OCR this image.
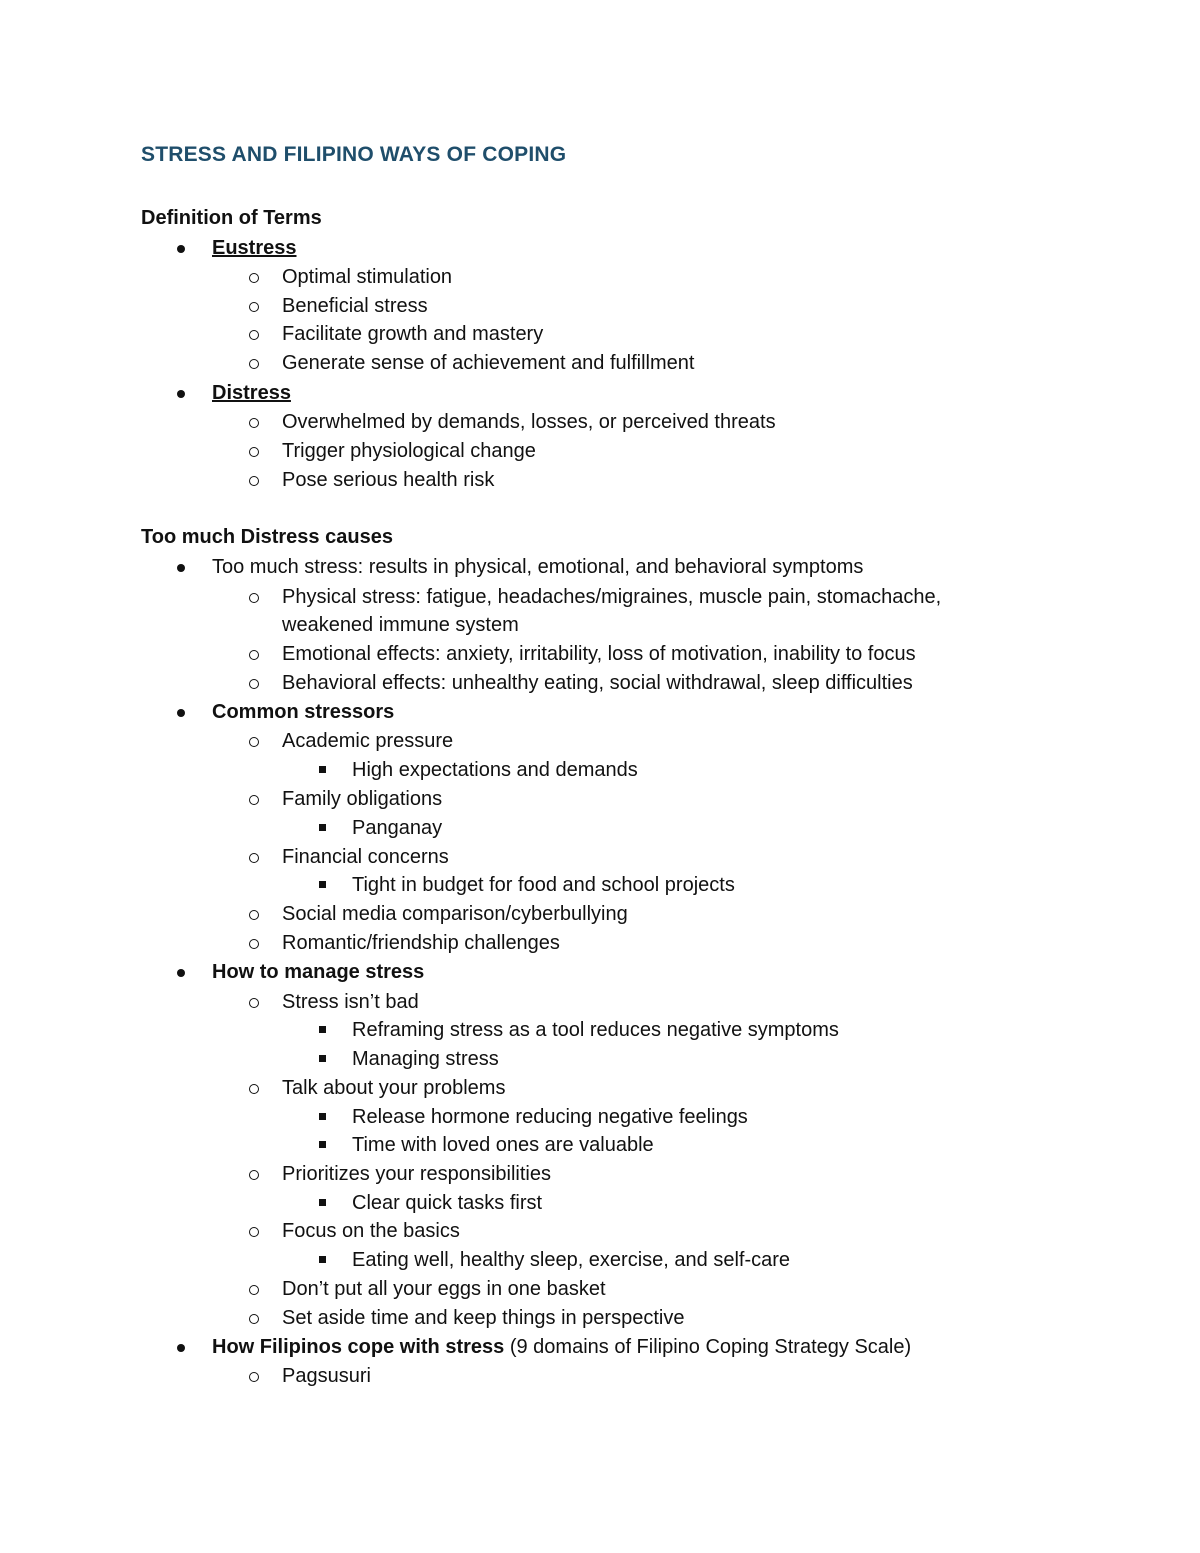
STRESS AND FILIPINO WAYS OF COPING
Definition of Terms
Eustress
Optimal stimulation
Beneficial stress
Facilitate growth and mastery
Generate sense of achievement and fulfillment
Distress
Overwhelmed by demands, losses, or perceived threats
Trigger physiological change
Pose serious health risk
Too much Distress causes
Too much stress: results in physical, emotional, and behavioral symptoms
Physical stress: fatigue, headaches/migraines, muscle pain, stomachache,
weakened immune system
Emotional effects: anxiety, irritability, loss of motivation, inability to focus
Behavioral effects: unhealthy eating, social withdrawal, sleep difficulties
Common stressors
Academic pressure
High expectations and demands
Family obligations
Panganay
Financial concerns
Tight in budget for food and school projects
Social media comparison/cyberbullying
Romantic/friendship challenges
How to manage stress
Stress isn’t bad
Reframing stress as a tool reduces negative symptoms
Managing stress
Talk about your problems
Release hormone reducing negative feelings
Time with loved ones are valuable
Prioritizes your responsibilities
Clear quick tasks first
Focus on the basics
Eating well, healthy sleep, exercise, and self-care
Don’t put all your eggs in one basket
Set aside time and keep things in perspective
How Filipinos cope with stress (9 domains of Filipino Coping Strategy Scale)
Pagsusuri
